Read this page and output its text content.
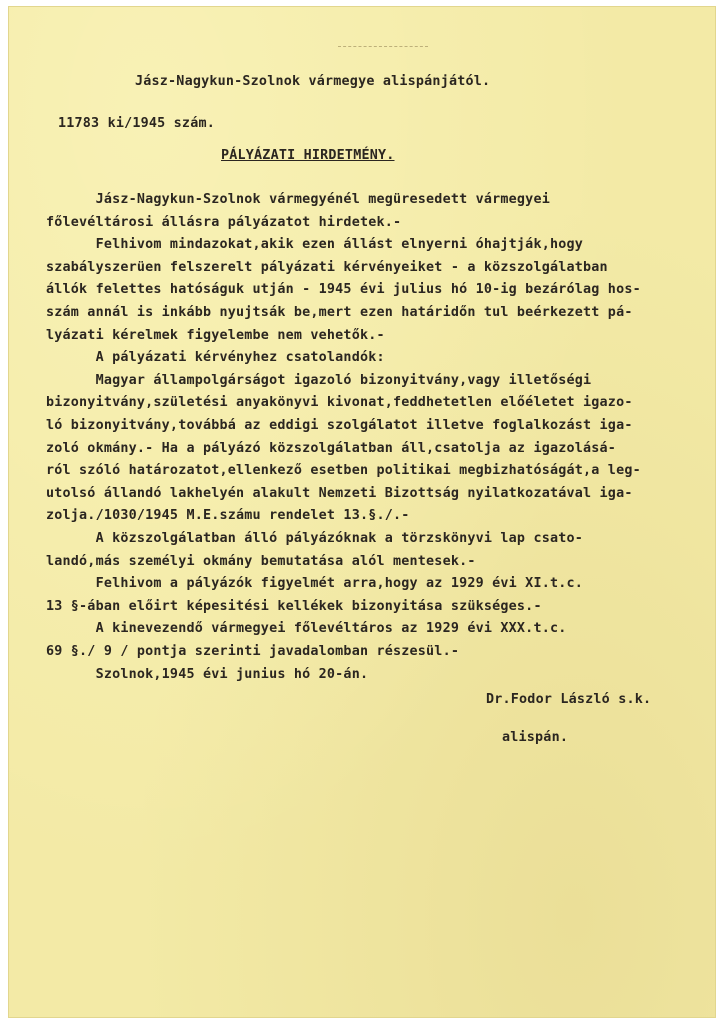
Jász-Nagykun-Szolnok vármegye alispánjától.
11783 ki/1945 szám.
PÁLYÁZATI HIRDETMÉNY.
Jász-Nagykun-Szolnok vármegyénél megüresedett vármegyei
főlevéltárosi állásra pályázatot hirdetek.-
Felhivom mindazokat,akik ezen állást elnyerni óhajtják,hogy
szabályszerüen felszerelt pályázati kérvényeiket - a közszolgálatban
állók felettes hatóságuk utján - 1945 évi julius hó 10-ig bezárólag hos-
szám annál is inkább nyujtsák be,mert ezen határidőn tul beérkezett pá-
lyázati kérelmek figyelembe nem vehetők.-
A pályázati kérvényhez csatolandók:
Magyar állampolgárságot igazoló bizonyitvány,vagy illetőségi
bizonyitvány,születési anyakönyvi kivonat,feddhetetlen előéletet igazo-
ló bizonyitvány,továbbá az eddigi szolgálatot illetve foglalkozást iga-
zoló okmány.- Ha a pályázó közszolgálatban áll,csatolja az igazolásá-
ról szóló határozatot,ellenkező esetben politikai megbizhatóságát,a leg-
utolsó állandó lakhelyén alakult Nemzeti Bizottság nyilatkozatával iga-
zolja./1030/1945 M.E.számu rendelet 13.§./.-
A közszolgálatban álló pályázóknak a törzskönyvi lap csato-
landó,más személyi okmány bemutatása alól mentesek.-
Felhivom a pályázók figyelmét arra,hogy az 1929 évi XI.t.c.
13 §-ában előirt képesitési kellékek bizonyitása szükséges.-
A kinevezendő vármegyei főlevéltáros az 1929 évi XXX.t.c.
69 §./ 9 / pontja szerinti javadalomban részesül.-
Szolnok,1945 évi junius hó 20-án.
Dr.Fodor László s.k.
alispán.
